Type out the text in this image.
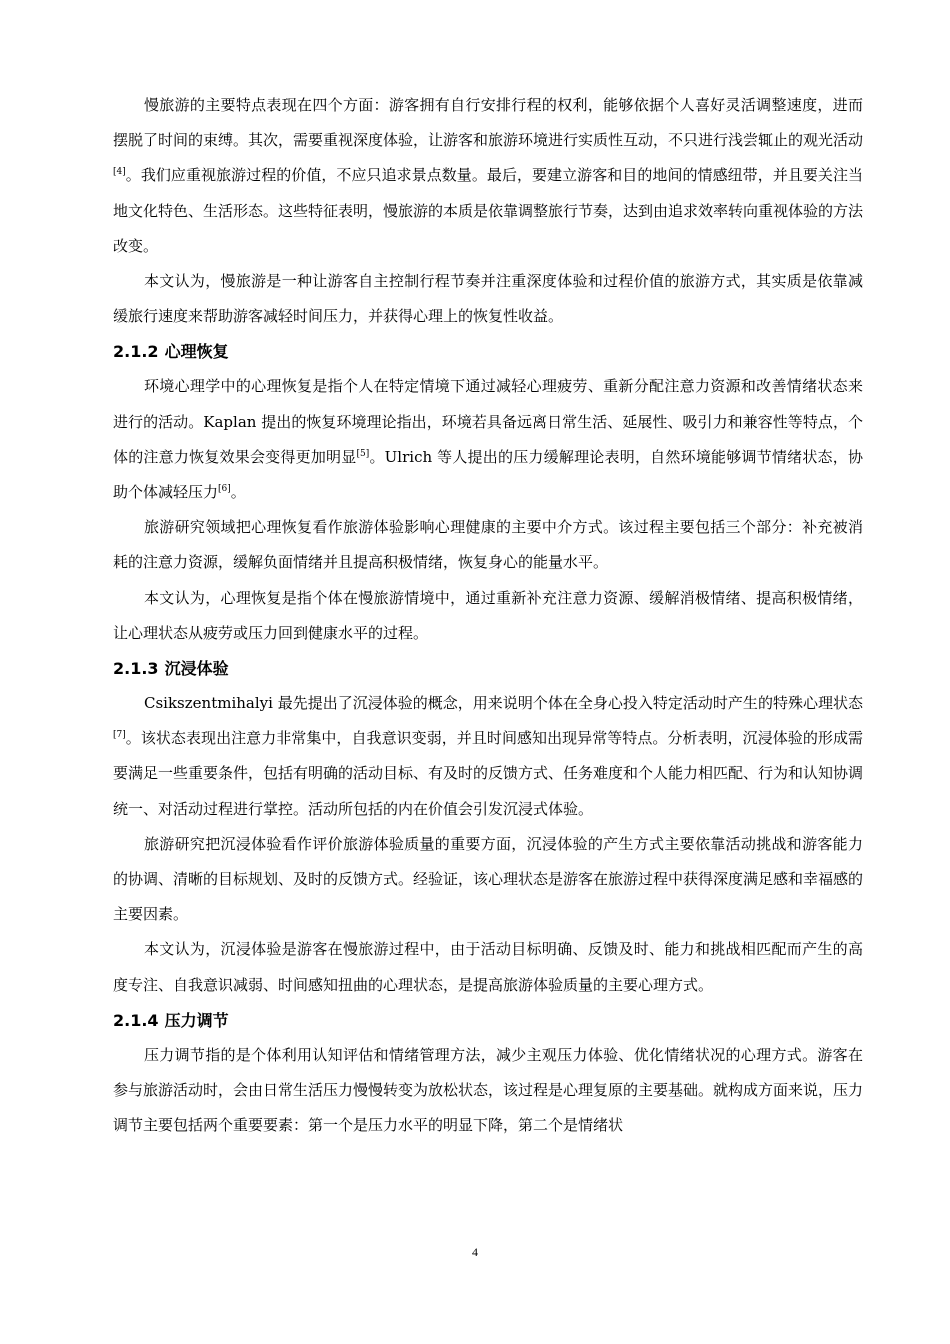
慢旅游的主要特点表现在四个方面：游客拥有自行安排行程的权利，能够依据个人喜好灵活调整速度，进而摆脱了时间的束缚。其次，需要重视深度体验，让游客和旅游环境进行实质性互动，不只进行浅尝辄止的观光活动[4]。我们应重视旅游过程的价值，不应只追求景点数量。最后，要建立游客和目的地间的情感纽带，并且要关注当地文化特色、生活形态。这些特征表明，慢旅游的本质是依靠调整旅行节奏，达到由追求效率转向重视体验的方法改变。

本文认为，慢旅游是一种让游客自主控制行程节奏并注重深度体验和过程价值的旅游方式，其实质是依靠减缓旅行速度来帮助游客减轻时间压力，并获得心理上的恢复性收益。

2.1.2 心理恢复

环境心理学中的心理恢复是指个人在特定情境下通过减轻心理疲劳、重新分配注意力资源和改善情绪状态来进行的活动。Kaplan 提出的恢复环境理论指出，环境若具备远离日常生活、延展性、吸引力和兼容性等特点，个体的注意力恢复效果会变得更加明显[5]。Ulrich 等人提出的压力缓解理论表明，自然环境能够调节情绪状态，协助个体减轻压力[6]。

旅游研究领域把心理恢复看作旅游体验影响心理健康的主要中介方式。该过程主要包括三个部分：补充被消耗的注意力资源，缓解负面情绪并且提高积极情绪，恢复身心的能量水平。

本文认为，心理恢复是指个体在慢旅游情境中，通过重新补充注意力资源、缓解消极情绪、提高积极情绪，让心理状态从疲劳或压力回到健康水平的过程。

2.1.3 沉浸体验

Csikszentmihalyi 最先提出了沉浸体验的概念，用来说明个体在全身心投入特定活动时产生的特殊心理状态[7]。该状态表现出注意力非常集中，自我意识变弱，并且时间感知出现异常等特点。分析表明，沉浸体验的形成需要满足一些重要条件，包括有明确的活动目标、有及时的反馈方式、任务难度和个人能力相匹配、行为和认知协调统一、对活动过程进行掌控。活动所包括的内在价值会引发沉浸式体验。

旅游研究把沉浸体验看作评价旅游体验质量的重要方面，沉浸体验的产生方式主要依靠活动挑战和游客能力的协调、清晰的目标规划、及时的反馈方式。经验证，该心理状态是游客在旅游过程中获得深度满足感和幸福感的主要因素。

本文认为，沉浸体验是游客在慢旅游过程中，由于活动目标明确、反馈及时、能力和挑战相匹配而产生的高度专注、自我意识减弱、时间感知扭曲的心理状态，是提高旅游体验质量的主要心理方式。

2.1.4 压力调节

压力调节指的是个体利用认知评估和情绪管理方法，减少主观压力体验、优化情绪状况的心理方式。游客在参与旅游活动时，会由日常生活压力慢慢转变为放松状态，该过程是心理复原的主要基础。就构成方面来说，压力调节主要包括两个重要要素：第一个是压力水平的明显下降，第二个是情绪状

4
